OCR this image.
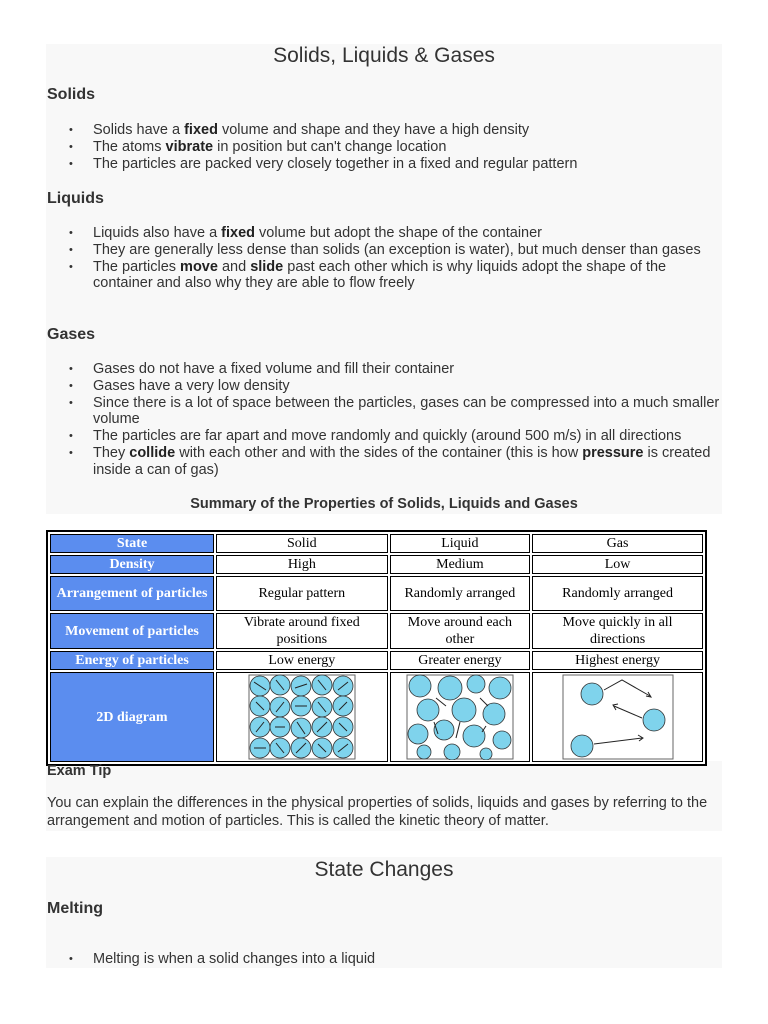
Solids, Liquids & Gases
Solids
• Solids have a fixed volume and shape and they have a high density
• The atoms vibrate in position but can't change location
• The particles are packed very closely together in a fixed and regular pattern
Liquids
• Liquids also have a fixed volume but adopt the shape of the container
• They are generally less dense than solids (an exception is water), but much denser than gases
• The particles move and slide past each other which is why liquids adopt the shape of the container and also why they are able to flow freely
Gases
• Gases do not have a fixed volume and fill their container
• Gases have a very low density
• Since there is a lot of space between the particles, gases can be compressed into a much smaller volume
• The particles are far apart and move randomly and quickly (around 500 m/s) in all directions
• They collide with each other and with the sides of the container (this is how pressure is created inside a can of gas)
Summary of the Properties of Solids, Liquids and Gases
State	Solid	Liquid	Gas
Density	High	Medium	Low
Arrangement of particles	Regular pattern	Randomly arranged	Randomly arranged
Movement of particles	Vibrate around fixed positions	Move around each other	Move quickly in all directions
Energy of particles	Low energy	Greater energy	Highest energy
2D diagram	

Exam Tip
You can explain the differences in the physical properties of solids, liquids and gases by referring to the arrangement and motion of particles. This is called the kinetic theory of matter.
State Changes
Melting
• Melting is when a solid changes into a liquid
